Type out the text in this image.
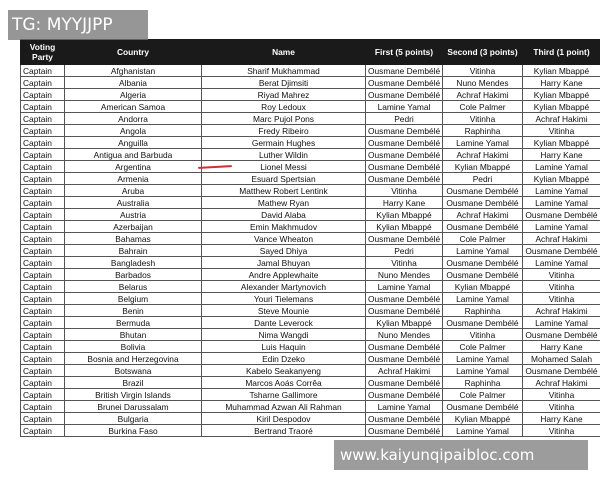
TG: MYYJJPP
Voting Party	Country	Name	First (5 points)	Second (3 points)	Third (1 point)
Captain	Afghanistan	Sharif Mukhammad	Ousmane Dembélé	Vitinha	Kylian Mbappé
Captain	Albania	Berat Djimsiti	Ousmane Dembélé	Nuno Mendes	Harry Kane
Captain	Algeria	Riyad Mahrez	Ousmane Dembélé	Achraf Hakimi	Kylian Mbappé
Captain	American Samoa	Roy Ledoux	Lamine Yamal	Cole Palmer	Kylian Mbappé
Captain	Andorra	Marc Pujol Pons	Pedri	Vitinha	Achraf Hakimi
Captain	Angola	Fredy Ribeiro	Ousmane Dembélé	Raphinha	Vitinha
Captain	Anguilla	Germain Hughes	Ousmane Dembélé	Lamine Yamal	Kylian Mbappé
Captain	Antigua and Barbuda	Luther Wildin	Ousmane Dembélé	Achraf Hakimi	Harry Kane
Captain	Argentina	Lionel Messi	Ousmane Dembélé	Kylian Mbappé	Lamine Yamal
Captain	Armenia	Esuard Spertsian	Ousmane Dembélé	Pedri	Kylian Mbappé
Captain	Aruba	Matthew Robert Lentink	Vitinha	Ousmane Dembélé	Lamine Yamal
Captain	Australia	Mathew Ryan	Harry Kane	Ousmane Dembélé	Lamine Yamal
Captain	Austria	David Alaba	Kylian Mbappé	Achraf Hakimi	Ousmane Dembélé
Captain	Azerbaijan	Emin Makhmudov	Kylian Mbappé	Ousmane Dembélé	Lamine Yamal
Captain	Bahamas	Vance Wheaton	Ousmane Dembélé	Cole Palmer	Achraf Hakimi
Captain	Bahrain	Sayed Dhiya	Pedri	Lamine Yamal	Ousmane Dembélé
Captain	Bangladesh	Jamal Bhuyan	Vitinha	Ousmane Dembélé	Lamine Yamal
Captain	Barbados	Andre Applewhaite	Nuno Mendes	Ousmane Dembélé	Vitinha
Captain	Belarus	Alexander Martynovich	Lamine Yamal	Kylian Mbappé	Vitinha
Captain	Belgium	Youri Tielemans	Ousmane Dembélé	Lamine Yamal	Vitinha
Captain	Benin	Steve Mounie	Ousmane Dembélé	Raphinha	Achraf Hakimi
Captain	Bermuda	Dante Leverock	Kylian Mbappé	Ousmane Dembélé	Lamine Yamal
Captain	Bhutan	Nima Wangdi	Nuno Mendes	Vitinha	Ousmane Dembélé
Captain	Bolivia	Luis Haquin	Ousmane Dembélé	Cole Palmer	Harry Kane
Captain	Bosnia and Herzegovina	Edin Dzeko	Ousmane Dembélé	Lamine Yamal	Mohamed Salah
Captain	Botswana	Kabelo Seakanyeng	Achraf Hakimi	Lamine Yamal	Ousmane Dembélé
Captain	Brazil	Marcos Aoás Corrêa	Ousmane Dembélé	Raphinha	Achraf Hakimi
Captain	British Virgin Islands	Tsharne Gallimore	Ousmane Dembélé	Cole Palmer	Vitinha
Captain	Brunei Darussalam	Muhammad Azwan Ali Rahman	Lamine Yamal	Ousmane Dembélé	Vitinha
Captain	Bulgaria	Kiril Despodov	Ousmane Dembélé	Kylian Mbappé	Harry Kane
Captain	Burkina Faso	Bertrand Traoré	Ousmane Dembélé	Lamine Yamal	Vitinha
www.kaiyunqipaibloc.com
